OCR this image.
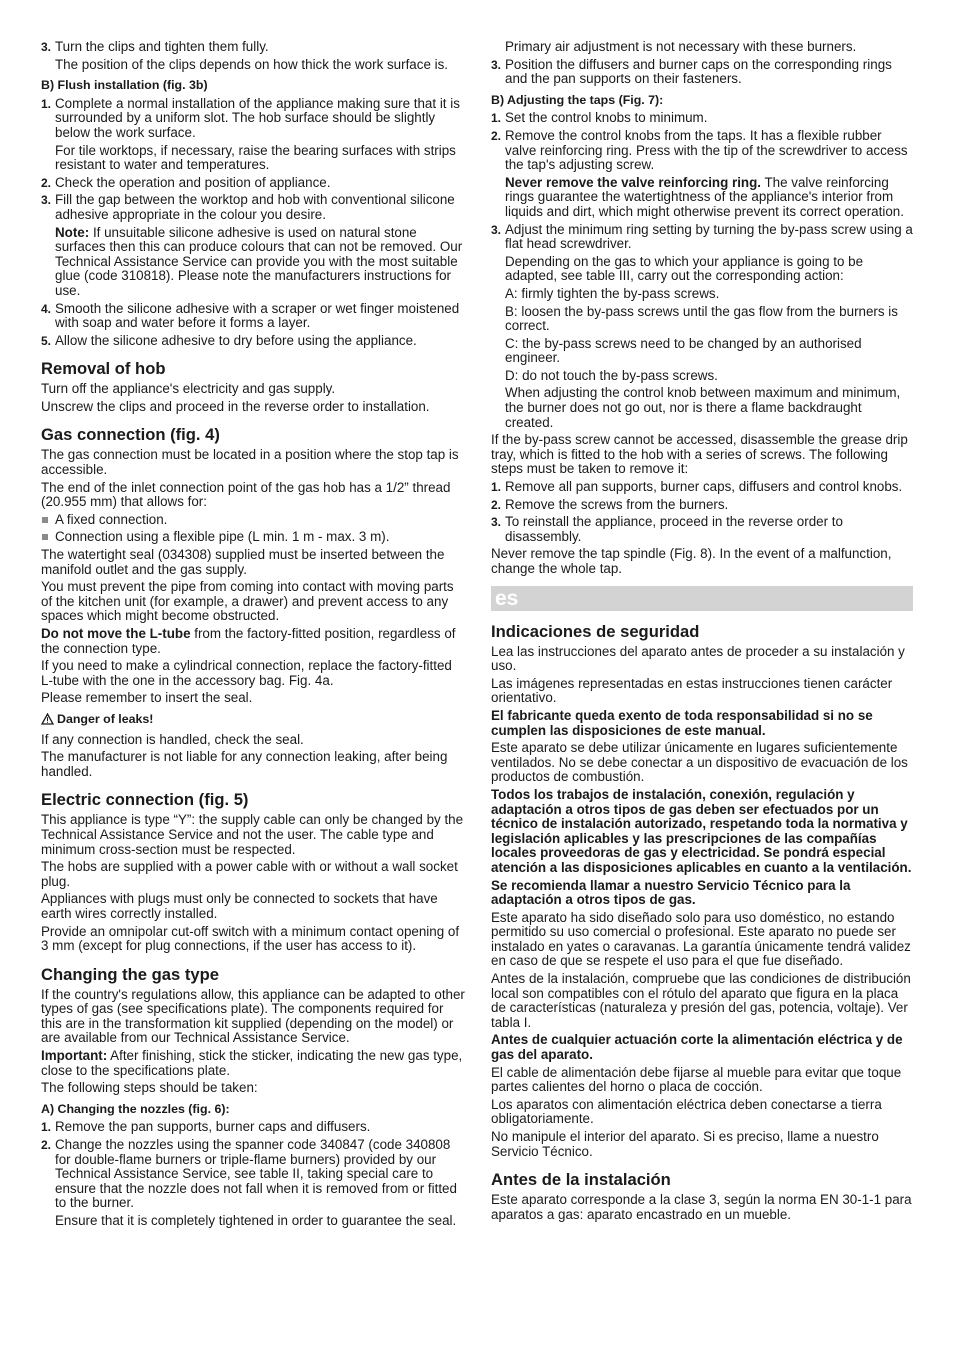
3. Turn the clips and tighten them fully.
The position of the clips depends on how thick the work surface is.
B) Flush installation (fig. 3b)
1. Complete a normal installation of the appliance making sure that it is surrounded by a uniform slot. The hob surface should be slightly below the work surface.
For tile worktops, if necessary, raise the bearing surfaces with strips resistant to water and temperatures.
2. Check the operation and position of appliance.
3. Fill the gap between the worktop and hob with conventional silicone adhesive appropriate in the colour you desire.
Note: If unsuitable silicone adhesive is used on natural stone surfaces then this can produce colours that can not be removed. Our Technical Assistance Service can provide you with the most suitable glue (code 310818). Please note the manufacturers instructions for use.
4. Smooth the silicone adhesive with a scraper or wet finger moistened with soap and water before it forms a layer.
5. Allow the silicone adhesive to dry before using the appliance.
Removal of hob

Turn off the appliance's electricity and gas supply.

Unscrew the clips and proceed in the reverse order to installation.

Gas connection (fig. 4)

The gas connection must be located in a position where the stop tap is accessible.

The end of the inlet connection point of the gas hob has a 1/2” thread (20.955 mm) that allows for:

A fixed connection.
Connection using a flexible pipe (L min. 1 m - max. 3 m).

The watertight seal (034308) supplied must be inserted between the manifold outlet and the gas supply.

You must prevent the pipe from coming into contact with moving parts of the kitchen unit (for example, a drawer) and prevent access to any spaces which might become obstructed.

Do not move the L-tube from the factory-fitted position, regardless of the connection type.

If you need to make a cylindrical connection, replace the factory-fitted L-tube with the one in the accessory bag. Fig. 4a.

Please remember to insert the seal.

Danger of leaks!

If any connection is handled, check the seal.

The manufacturer is not liable for any connection leaking, after being handled.

Electric connection (fig. 5)

This appliance is type “Y”: the supply cable can only be changed by the Technical Assistance Service and not the user. The cable type and minimum cross-section must be respected.

The hobs are supplied with a power cable with or without a wall socket plug.

Appliances with plugs must only be connected to sockets that have earth wires correctly installed.

Provide an omnipolar cut-off switch with a minimum contact opening of 3 mm (except for plug connections, if the user has access to it).

Changing the gas type

If the country's regulations allow, this appliance can be adapted to other types of gas (see specifications plate). The components required for this are in the transformation kit supplied (depending on the model) or are available from our Technical Assistance Service.

Important: After finishing, stick the sticker, indicating the new gas type, close to the specifications plate.

The following steps should be taken:

A) Changing the nozzles (fig. 6):
1. Remove the pan supports, burner caps and diffusers.
2. Change the nozzles using the spanner code 340847 (code 340808 for double-flame burners or triple-flame burners) provided by our Technical Assistance Service, see table II, taking special care to ensure that the nozzle does not fall when it is removed from or fitted to the burner.
Ensure that it is completely tightened in order to guarantee the seal.
Primary air adjustment is not necessary with these burners.
3. Position the diffusers and burner caps on the corresponding rings and the pan supports on their fasteners.
B) Adjusting the taps (Fig. 7):
1. Set the control knobs to minimum.
2. Remove the control knobs from the taps. It has a flexible rubber valve reinforcing ring. Press with the tip of the screwdriver to access the tap's adjusting screw.
Never remove the valve reinforcing ring. The valve reinforcing rings guarantee the watertightness of the appliance's interior from liquids and dirt, which might otherwise prevent its correct operation.
3. Adjust the minimum ring setting by turning the by-pass screw using a flat head screwdriver.
Depending on the gas to which your appliance is going to be adapted, see table III, carry out the corresponding action:
A: firmly tighten the by-pass screws.
B: loosen the by-pass screws until the gas flow from the burners is correct.
C: the by-pass screws need to be changed by an authorised engineer.
D: do not touch the by-pass screws.
When adjusting the control knob between maximum and minimum, the burner does not go out, nor is there a flame backdraught created.

If the by-pass screw cannot be accessed, disassemble the grease drip tray, which is fitted to the hob with a series of screws. The following steps must be taken to remove it:

1. Remove all pan supports, burner caps, diffusers and control knobs.
2. Remove the screws from the burners.
3. To reinstall the appliance, proceed in the reverse order to disassembly.

Never remove the tap spindle (Fig. 8). In the event of a malfunction, change the whole tap.

es
Indicaciones de seguridad

Lea las instrucciones del aparato antes de proceder a su instalación y uso.

Las imágenes representadas en estas instrucciones tienen carácter orientativo.

El fabricante queda exento de toda responsabilidad si no se cumplen las disposiciones de este manual.

Este aparato se debe utilizar únicamente en lugares suficientemente ventilados. No se debe conectar a un dispositivo de evacuación de los productos de combustión.

Todos los trabajos de instalación, conexión, regulación y adaptación a otros tipos de gas deben ser efectuados por un técnico de instalación autorizado, respetando toda la normativa y legislación aplicables y las prescripciones de las compañías locales proveedoras de gas y electricidad. Se pondrá especial atención a las disposiciones aplicables en cuanto a la ventilación.

Se recomienda llamar a nuestro Servicio Técnico para la adaptación a otros tipos de gas.

Este aparato ha sido diseñado solo para uso doméstico, no estando permitido su uso comercial o profesional. Este aparato no puede ser instalado en yates o caravanas. La garantía únicamente tendrá validez en caso de que se respete el uso para el que fue diseñado.

Antes de la instalación, compruebe que las condiciones de distribución local son compatibles con el rótulo del aparato que figura en la placa de características (naturaleza y presión del gas, potencia, voltaje). Ver tabla I.

Antes de cualquier actuación corte la alimentación eléctrica y de gas del aparato.

El cable de alimentación debe fijarse al mueble para evitar que toque partes calientes del horno o placa de cocción.

Los aparatos con alimentación eléctrica deben conectarse a tierra obligatoriamente.

No manipule el interior del aparato. Si es preciso, llame a nuestro Servicio Técnico.

Antes de la instalación

Este aparato corresponde a la clase 3, según la norma EN 30-1-1 para aparatos a gas: aparato encastrado en un mueble.
